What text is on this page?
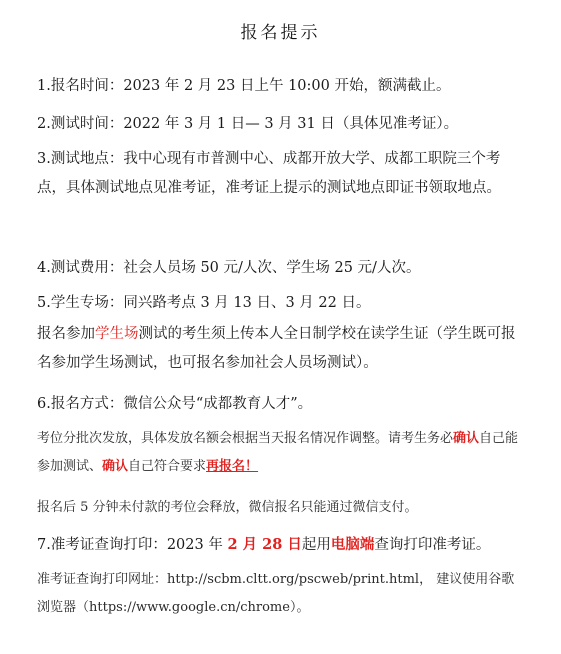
报名提示
1.报名时间：2023 年 2 月 23 日上午 10:00 开始，额满截止。
2.测试时间：2022 年 3 月 1 日— 3 月 31 日（具体见准考证）。
3.测试地点：我中心现有市普测中心、成都开放大学、成都工职院三个考点，具体测试地点见准考证，准考证上提示的测试地点即证书领取地点。
4.测试费用：社会人员场 50 元/人次、学生场 25 元/人次。
5.学生专场：同兴路考点 3 月 13 日、3 月 22 日。
报名参加学生场测试的考生须上传本人全日制学校在读学生证（学生既可报名参加学生场测试，也可报名参加社会人员场测试）。
6.报名方式：微信公众号“成都教育人才”。
考位分批次发放，具体发放名额会根据当天报名情况作调整。请考生务必确认自己能参加测试、确认自己符合要求再报名！
报名后 5 分钟未付款的考位会释放，微信报名只能通过微信支付。
7.准考证查询打印：2023 年 2 月 28 日起用电脑端查询打印准考证。
准考证查询打印网址：http://scbm.cltt.org/pscweb/print.html， 建议使用谷歌浏览器（https://www.google.cn/chrome）。
